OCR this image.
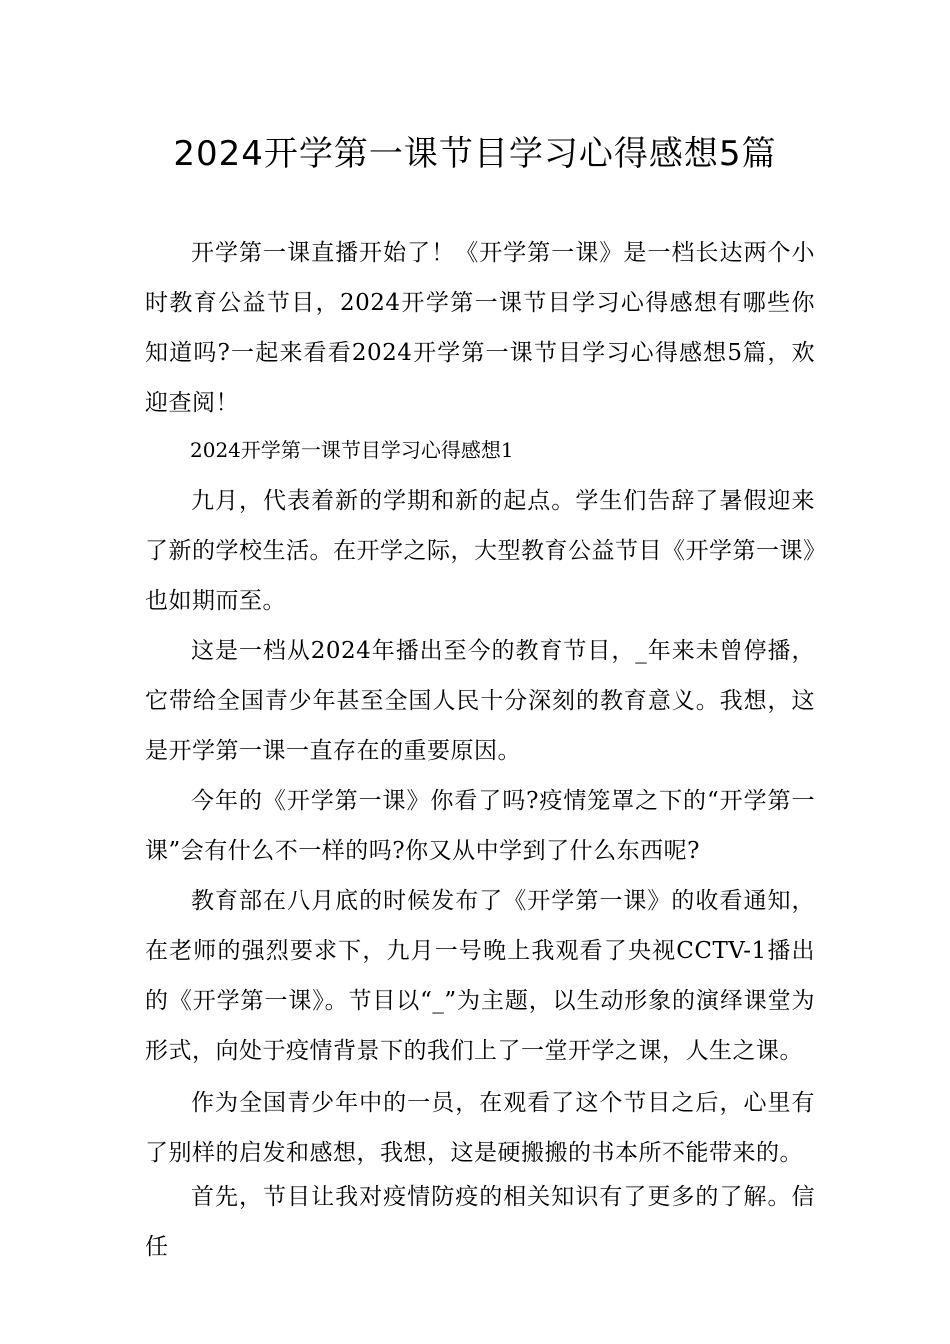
2024开学第一课节目学习心得感想5篇

开学第一课直播开始了！《开学第一课》是一档长达两个小时教育公益节目，2024开学第一课节目学习心得感想有哪些你知道吗?一起来看看2024开学第一课节目学习心得感想5篇，欢迎查阅！

2024开学第一课节目学习心得感想1

九月，代表着新的学期和新的起点。学生们告辞了暑假迎来了新的学校生活。在开学之际，大型教育公益节目《开学第一课》也如期而至。

这是一档从2024年播出至今的教育节目，_年来未曾停播，它带给全国青少年甚至全国人民十分深刻的教育意义。我想，这是开学第一课一直存在的重要原因。

今年的《开学第一课》你看了吗?疫情笼罩之下的“开学第一课”会有什么不一样的吗?你又从中学到了什么东西呢?

教育部在八月底的时候发布了《开学第一课》的收看通知，在老师的强烈要求下，九月一号晚上我观看了央视CCTV-1播出的《开学第一课》。节目以“_”为主题，以生动形象的演绎课堂为形式，向处于疫情背景下的我们上了一堂开学之课，人生之课。

作为全国青少年中的一员，在观看了这个节目之后，心里有了别样的启发和感想，我想，这是硬搬搬的书本所不能带来的。

首先，节目让我对疫情防疫的相关知识有了更多的了解。信任
